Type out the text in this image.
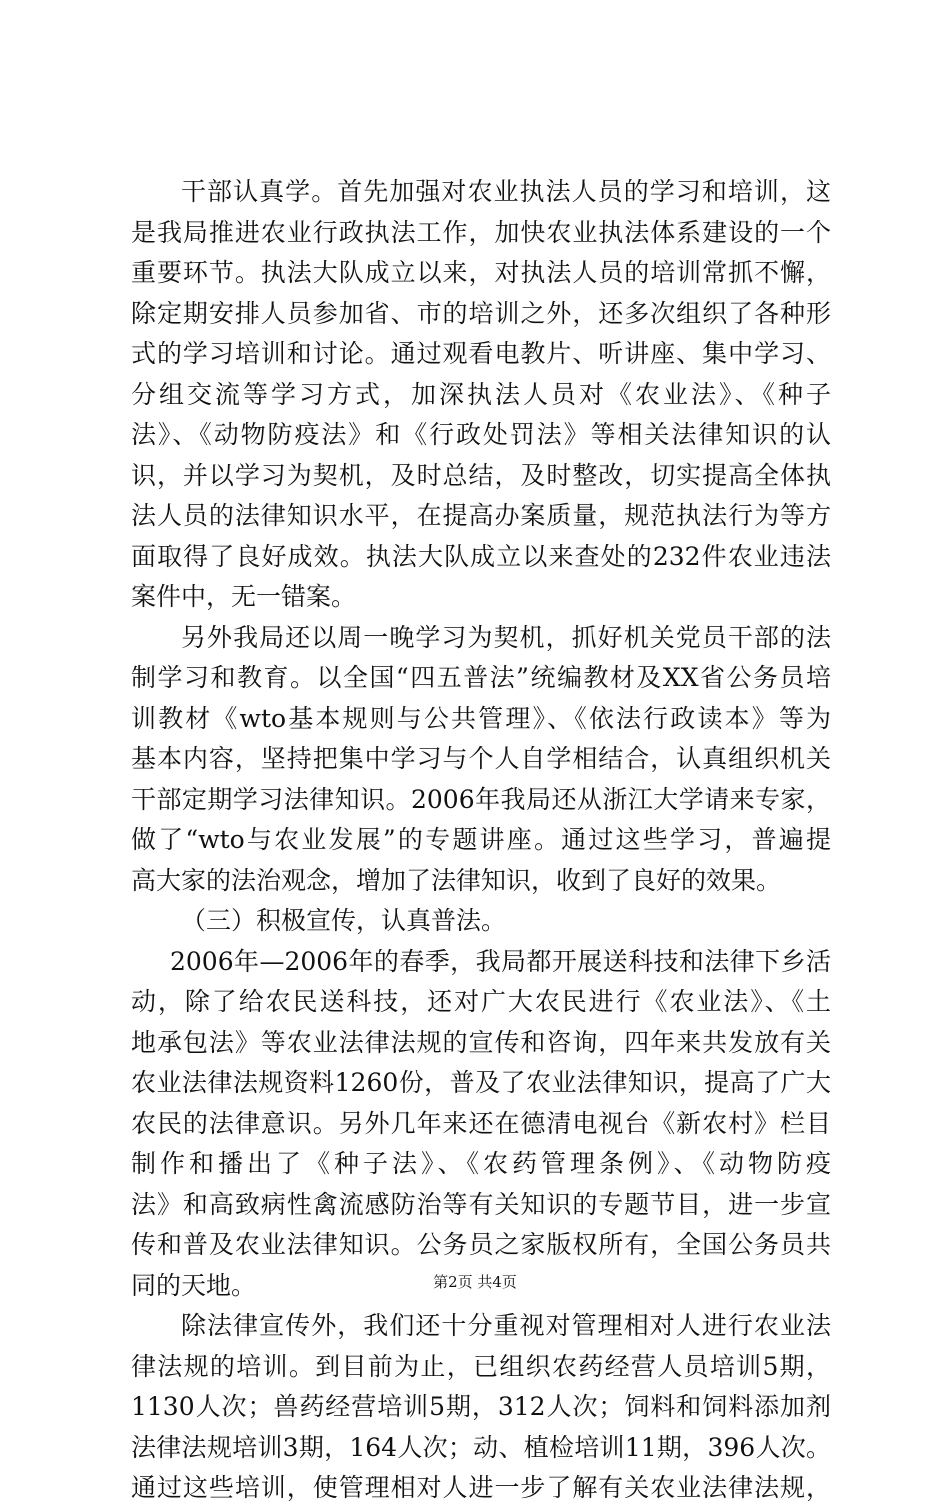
干部认真学。首先加强对农业执法人员的学习和培训，这
是我局推进农业行政执法工作，加快农业执法体系建设的一个
重要环节。执法大队成立以来，对执法人员的培训常抓不懈，
除定期安排人员参加省、市的培训之外，还多次组织了各种形
式的学习培训和讨论。通过观看电教片、听讲座、集中学习、
分组交流等学习方式，加深执法人员对《农业法》、《种子
法》、《动物防疫法》和《行政处罚法》等相关法律知识的认
识，并以学习为契机，及时总结，及时整改，切实提高全体执
法人员的法律知识水平，在提高办案质量，规范执法行为等方
面取得了良好成效。执法大队成立以来查处的232件农业违法
案件中，无一错案。
另外我局还以周一晚学习为契机，抓好机关党员干部的法
制学习和教育。以全国“四五普法”统编教材及XX省公务员培
训教材《wto基本规则与公共管理》、《依法行政读本》等为
基本内容，坚持把集中学习与个人自学相结合，认真组织机关
干部定期学习法律知识。2006年我局还从浙江大学请来专家，
做了“wto与农业发展”的专题讲座。通过这些学习，普遍提
高大家的法治观念，增加了法律知识，收到了良好的效果。
（三）积极宣传，认真普法。
2006年—2006年的春季，我局都开展送科技和法律下乡活
动，除了给农民送科技，还对广大农民进行《农业法》、《土
地承包法》等农业法律法规的宣传和咨询，四年来共发放有关
农业法律法规资料1260份，普及了农业法律知识，提高了广大
农民的法律意识。另外几年来还在德清电视台《新农村》栏目
制作和播出了《种子法》、《农药管理条例》、《动物防疫
法》和高致病性禽流感防治等有关知识的专题节目，进一步宣
传和普及农业法律知识。公务员之家版权所有，全国公务员共
同的天地。
除法律宣传外，我们还十分重视对管理相对人进行农业法
律法规的培训。到目前为止，已组织农药经营人员培训5期，
1130人次；兽药经营培训5期，312人次；饲料和饲料添加剂
法律法规培训3期，164人次；动、植检培训11期，396人次。
通过这些培训，使管理相对人进一步了解有关农业法律法规，
第2页 共4页
